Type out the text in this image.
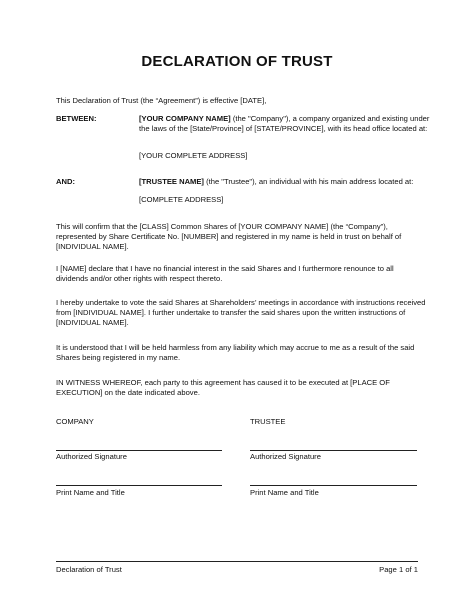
DECLARATION OF TRUST
This Declaration of Trust (the “Agreement”) is effective [DATE],
BETWEEN:	[YOUR COMPANY NAME] (the "Company"), a company organized and existing under the laws of the [State/Province] of [STATE/PROVINCE], with its head office located at:
[YOUR COMPLETE ADDRESS]
AND:	[TRUSTEE NAME] (the "Trustee"), an individual with his main address located at:
[COMPLETE ADDRESS]
This will confirm that the [CLASS] Common Shares of [YOUR COMPANY NAME] (the “Company”), represented by Share Certificate No. [NUMBER] and registered in my name is held in trust on behalf of [INDIVIDUAL NAME].
I [NAME] declare that I have no financial interest in the said Shares and I furthermore renounce to all dividends and/or other rights with respect thereto.
I hereby undertake to vote the said Shares at Shareholders’ meetings in accordance with instructions received from [INDIVIDUAL NAME]. I further undertake to transfer the said shares upon the written instructions of [INDIVIDUAL NAME].
It is understood that I will be held harmless from any liability which may accrue to me as a result of the said Shares being registered in my name.
IN WITNESS WHEREOF, each party to this agreement has caused it to be executed at [PLACE OF EXECUTION] on the date indicated above.
COMPANY	TRUSTEE
Authorized Signature	Authorized Signature
Print Name and Title	Print Name and Title
Declaration of Trust	Page 1 of 1
